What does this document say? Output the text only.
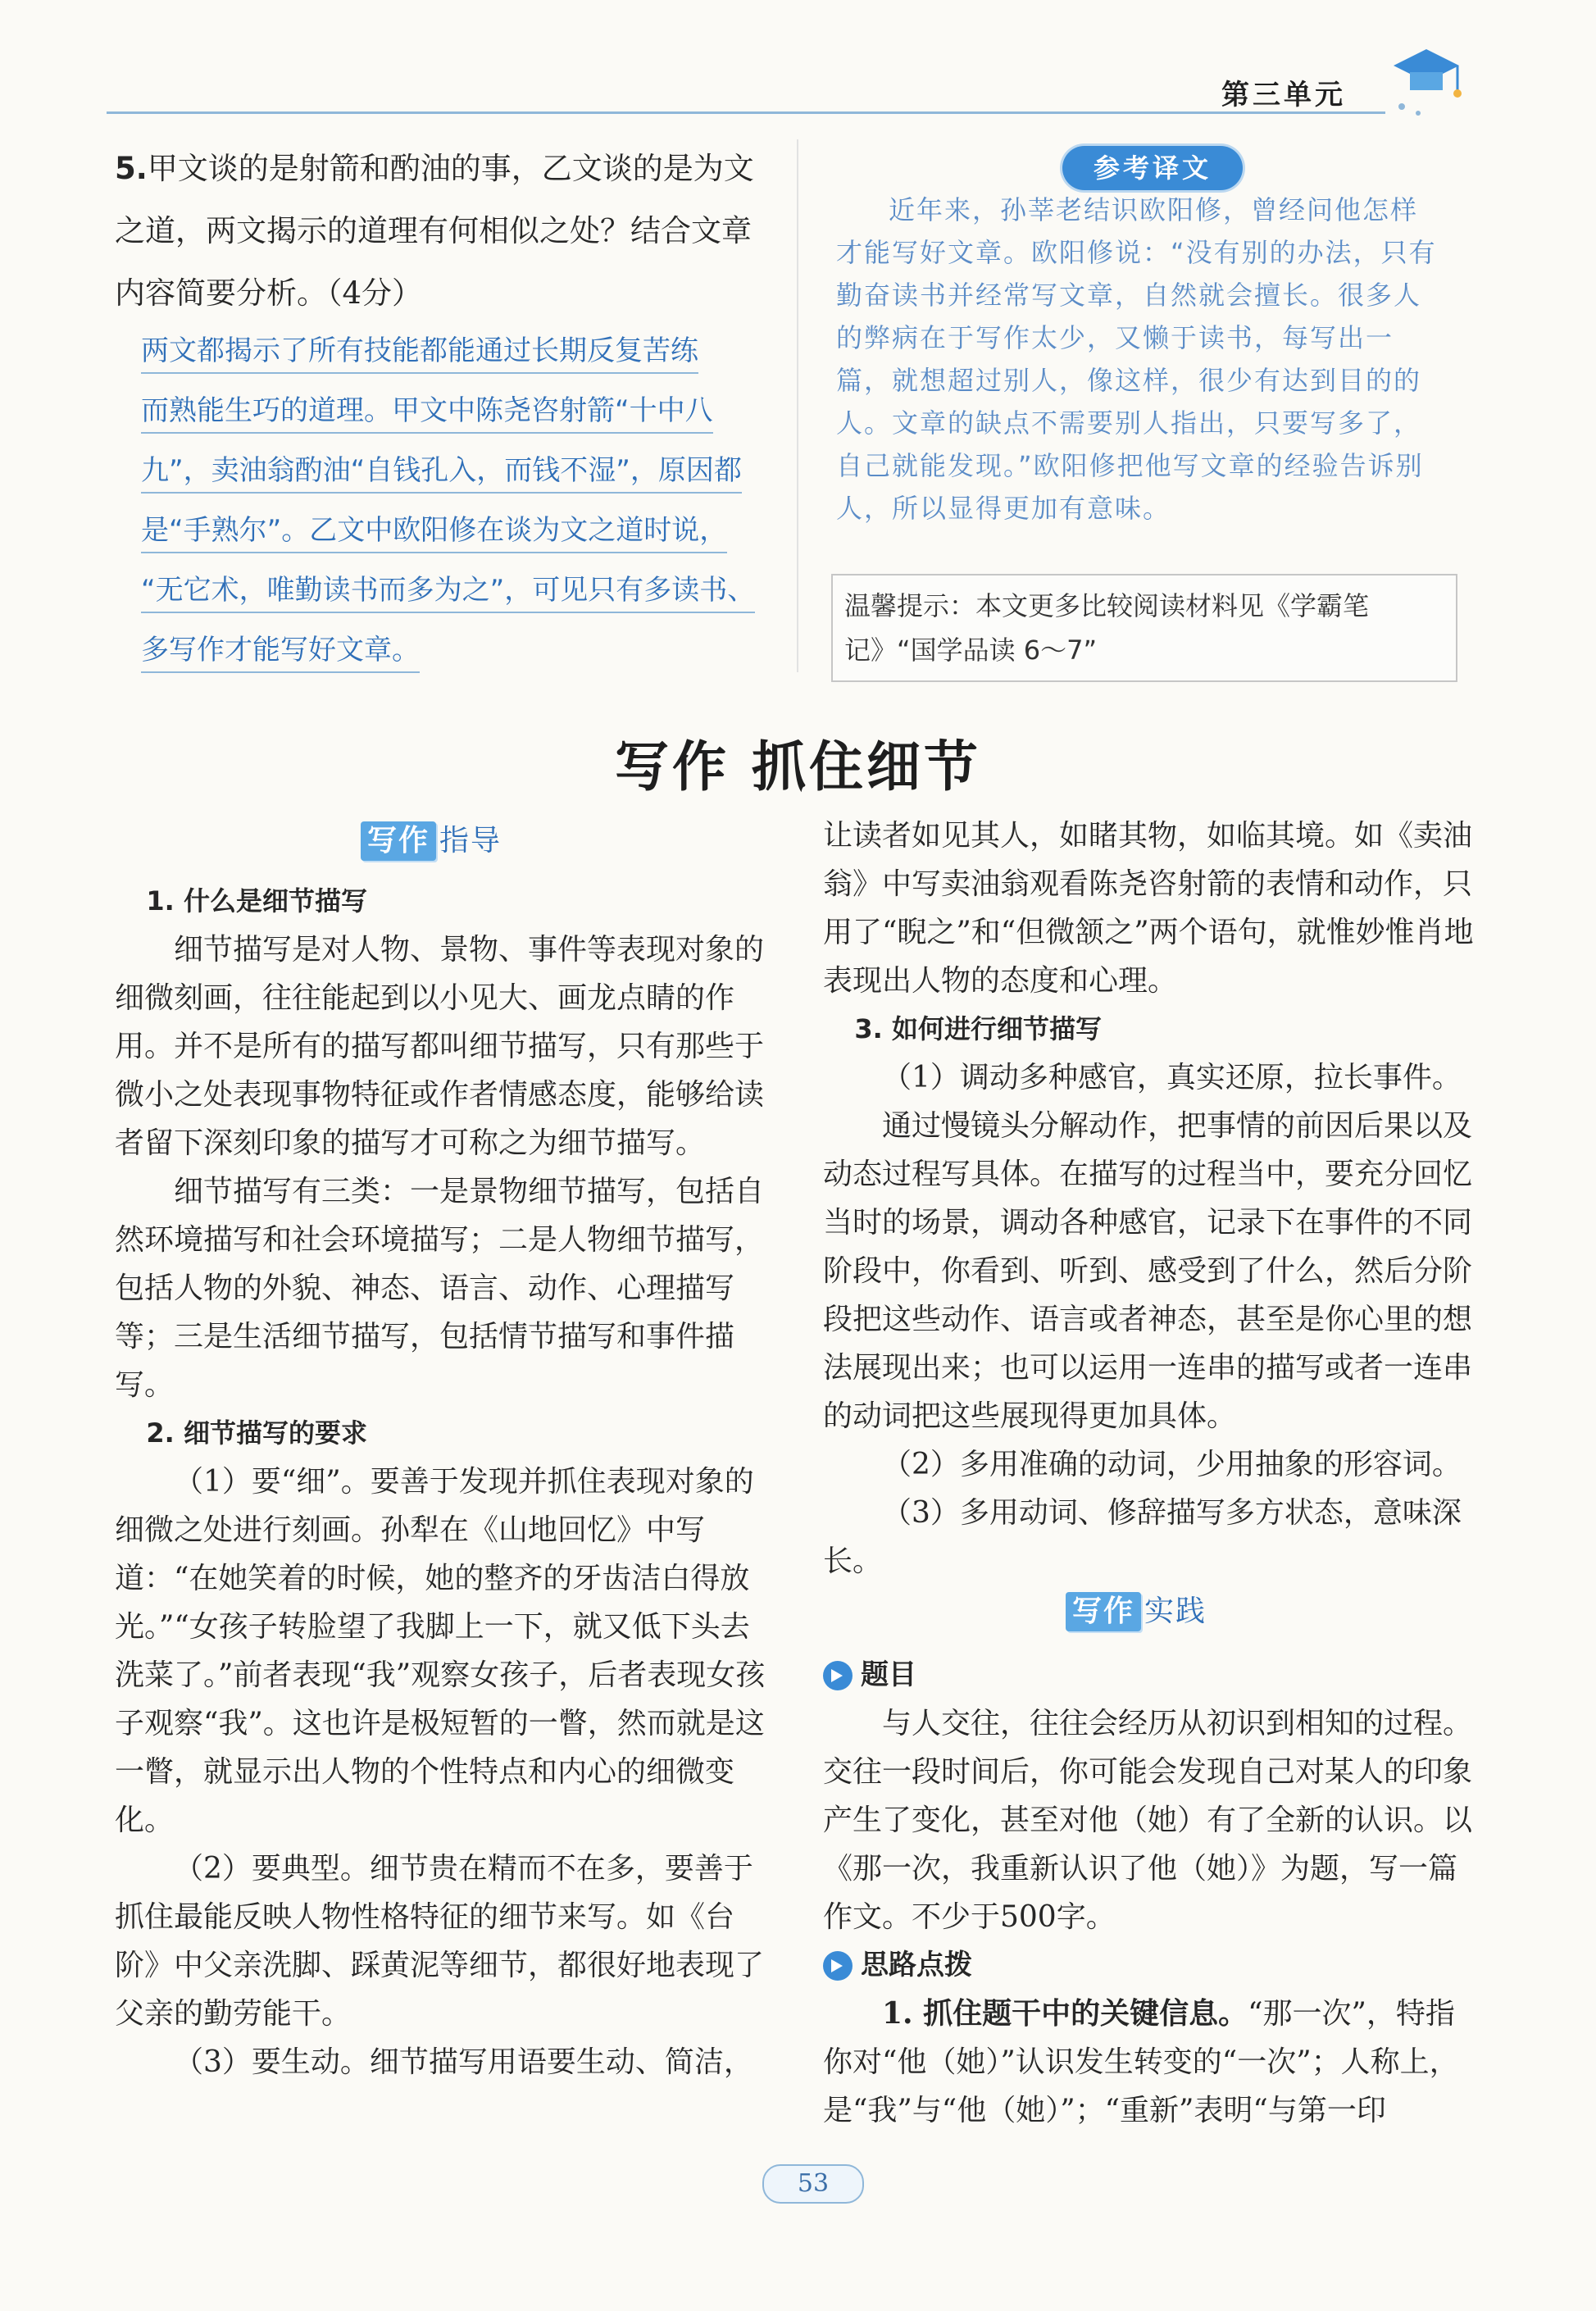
第三单元
5.甲文谈的是射箭和酌油的事，乙文谈的是为文之道，两文揭示的道理有何相似之处？结合文章内容简要分析。（4分）
两文都揭示了所有技能都能通过长期反复苦练
而熟能生巧的道理。甲文中陈尧咨射箭“十中八
九”，卖油翁酌油“自钱孔入，而钱不湿”，原因都
是“手熟尔”。乙文中欧阳修在谈为文之道时说，
“无它术，唯勤读书而多为之”，可见只有多读书、
多写作才能写好文章。
参考译文
近年来，孙莘老结识欧阳修，曾经问他怎样才能写好文章。欧阳修说：“没有别的办法，只有勤奋读书并经常写文章，自然就会擅长。很多人的弊病在于写作太少，又懒于读书，每写出一篇，就想超过别人，像这样，很少有达到目的的人。文章的缺点不需要别人指出，只要写多了，自己就能发现。”欧阳修把他写文章的经验告诉别人，所以显得更加有意味。
温馨提示：本文更多比较阅读材料见《学霸笔记》“国学品读 6～7”
写作 抓住细节
写作 指导

1. 什么是细节描写

细节描写是对人物、景物、事件等表现对象的细微刻画，往往能起到以小见大、画龙点睛的作用。并不是所有的描写都叫细节描写，只有那些于微小之处表现事物特征或作者情感态度，能够给读者留下深刻印象的描写才可称之为细节描写。

细节描写有三类：一是景物细节描写，包括自然环境描写和社会环境描写；二是人物细节描写，包括人物的外貌、神态、语言、动作、心理描写等；三是生活细节描写，包括情节描写和事件描写。

2. 细节描写的要求

（1）要“细”。要善于发现并抓住表现对象的细微之处进行刻画。孙犁在《山地回忆》中写道：“在她笑着的时候，她的整齐的牙齿洁白得放光。”“女孩子转脸望了我脚上一下，就又低下头去洗菜了。”前者表现“我”观察女孩子，后者表现女孩子观察“我”。这也许是极短暂的一瞥，然而就是这一瞥，就显示出人物的个性特点和内心的细微变化。

（2）要典型。细节贵在精而不在多，要善于抓住最能反映人物性格特征的细节来写。如《台阶》中父亲洗脚、踩黄泥等细节，都很好地表现了父亲的勤劳能干。

（3）要生动。细节描写用语要生动、简洁，

让读者如见其人，如睹其物，如临其境。如《卖油翁》中写卖油翁观看陈尧咨射箭的表情和动作，只用了“睨之”和“但微颔之”两个语句，就惟妙惟肖地表现出人物的态度和心理。

3. 如何进行细节描写

（1）调动多种感官，真实还原，拉长事件。

通过慢镜头分解动作，把事情的前因后果以及动态过程写具体。在描写的过程当中，要充分回忆当时的场景，调动各种感官，记录下在事件的不同阶段中，你看到、听到、感受到了什么，然后分阶段把这些动作、语言或者神态，甚至是你心里的想法展现出来；也可以运用一连串的描写或者一连串的动词把这些展现得更加具体。

（2）多用准确的动词，少用抽象的形容词。

（3）多用动词、修辞描写多方状态，意味深长。

题目

与人交往，往往会经历从初识到相知的过程。交往一段时间后，你可能会发现自己对某人的印象产生了变化，甚至对他（她）有了全新的认识。以《那一次，我重新认识了他（她）》为题，写一篇作文。不少于500字。

思路点拨

1. 抓住题干中的关键信息。“那一次”，特指你对“他（她）”认识发生转变的“一次”；人称上，是“我”与“他（她）”；“重新”表明“与第一印

写作 实践
53
